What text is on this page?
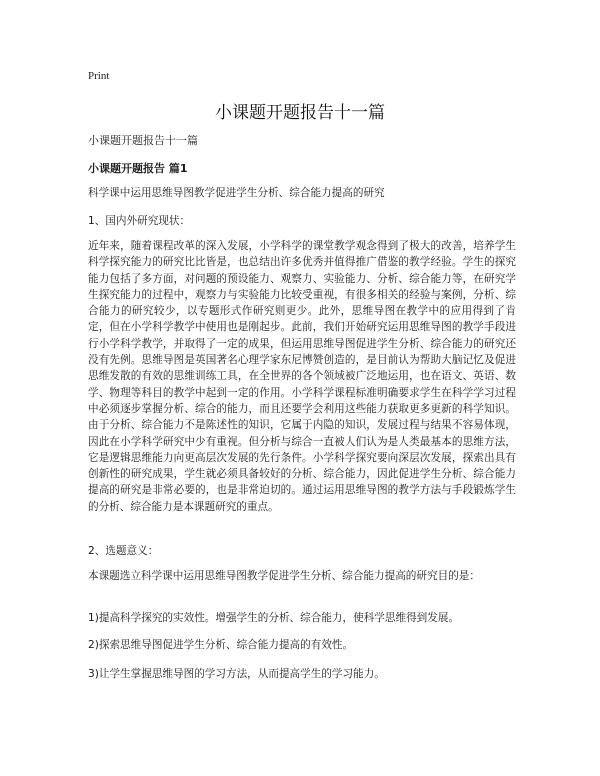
Print
小课题开题报告十一篇

小课题开题报告十一篇

小课题开题报告 篇1

科学课中运用思维导图教学促进学生分析、综合能力提高的研究

1、国内外研究现状：

近年来，随着课程改革的深入发展，小学科学的课堂教学观念得到了极大的改善，培养学生科学探究能力的研究比比皆是，也总结出许多优秀并值得推广借鉴的教学经验。学生的探究能力包括了多方面，对问题的预设能力、观察力、实验能力、分析、综合能力等，在研究学生探究能力的过程中，观察力与实验能力比较受重视，有很多相关的经验与案例，分析、综合能力的研究较少，以专题形式作研究则更少。此外，思维导图在教学中的应用得到了肯定，但在小学科学教学中使用也是刚起步。此前，我们开始研究运用思维导图的教学手段进行小学科学教学，并取得了一定的成果，但运用思维导图促进学生分析、综合能力的研究还没有先例。思维导图是英国著名心理学家东尼博赞创造的，是目前认为帮助大脑记忆及促进思维发散的有效的思维训练工具，在全世界的各个领域被广泛地运用，也在语文、英语、数学、物理等科目的教学中起到一定的作用。小学科学课程标准明确要求学生在科学学习过程中必须逐步掌握分析、综合的能力，而且还要学会利用这些能力获取更多更新的科学知识。由于分析、综合能力不是陈述性的知识，它属于内隐的知识，发展过程与结果不容易体现，因此在小学科学研究中少有重视。但分析与综合一直被人们认为是人类最基本的思维方法，它是逻辑思维能力向更高层次发展的先行条件。小学科学探究要向深层次发展，探索出具有创新性的研究成果，学生就必须具备较好的分析、综合能力，因此促进学生分析、综合能力提高的研究是非常必要的，也是非常迫切的。通过运用思维导图的教学方法与手段锻炼学生的分析、综合能力是本课题研究的重点。

2、选题意义：

本课题选立科学课中运用思维导图教学促进学生分析、综合能力提高的研究目的是：

1)提高科学探究的实效性。增强学生的分析、综合能力，使科学思维得到发展。

2)探索思维导图促进学生分析、综合能力提高的有效性。

3)让学生掌握思维导图的学习方法，从而提高学生的学习能力。
